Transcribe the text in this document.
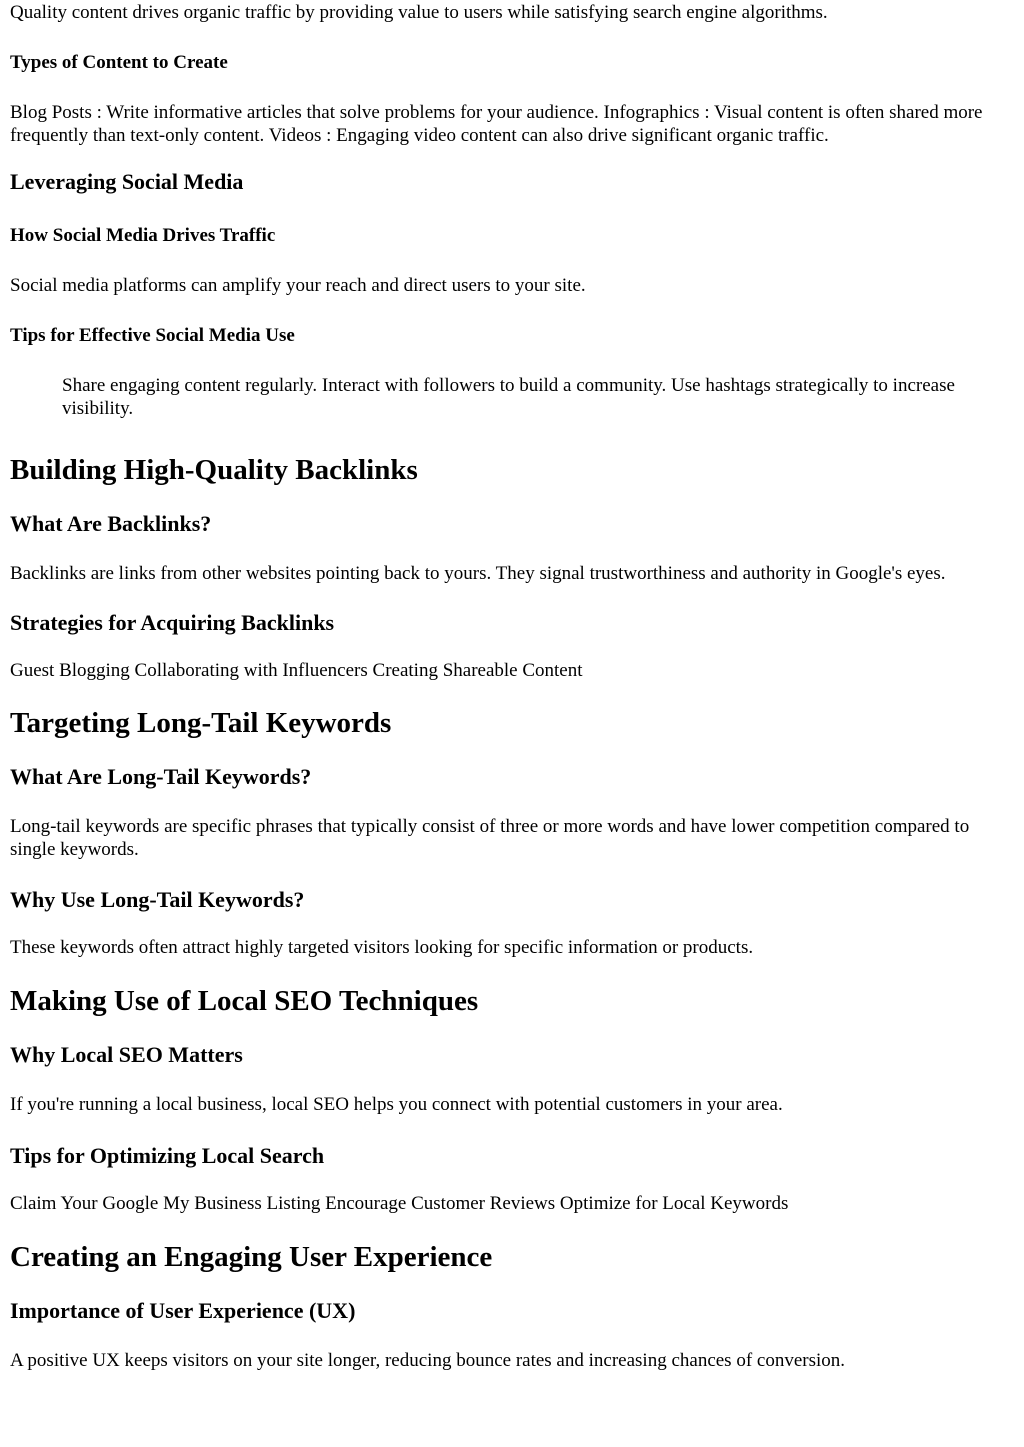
Quality content drives organic traffic by providing value to users while satisfying search engine algorithms.

Types of Content to Create

Blog Posts : Write informative articles that solve problems for your audience. Infographics : Visual content is often shared more frequently than text-only content. Videos : Engaging video content can also drive significant organic traffic.

Leveraging Social Media
How Social Media Drives Traffic

Social media platforms can amplify your reach and direct users to your site.

Tips for Effective Social Media Use
Share engaging content regularly. Interact with followers to build a community. Use hashtags strategically to increase visibility.
Building High-Quality Backlinks
What Are Backlinks?

Backlinks are links from other websites pointing back to yours. They signal trustworthiness and authority in Google's eyes.

Strategies for Acquiring Backlinks

Guest Blogging Collaborating with Influencers Creating Shareable Content

Targeting Long-Tail Keywords
What Are Long-Tail Keywords?

Long-tail keywords are specific phrases that typically consist of three or more words and have lower competition compared to single keywords.

Why Use Long-Tail Keywords?

These keywords often attract highly targeted visitors looking for specific information or products.

Making Use of Local SEO Techniques
Why Local SEO Matters

If you're running a local business, local SEO helps you connect with potential customers in your area.

Tips for Optimizing Local Search

Claim Your Google My Business Listing Encourage Customer Reviews Optimize for Local Keywords

Creating an Engaging User Experience
Importance of User Experience (UX)

A positive UX keeps visitors on your site longer, reducing bounce rates and increasing chances of conversion.
